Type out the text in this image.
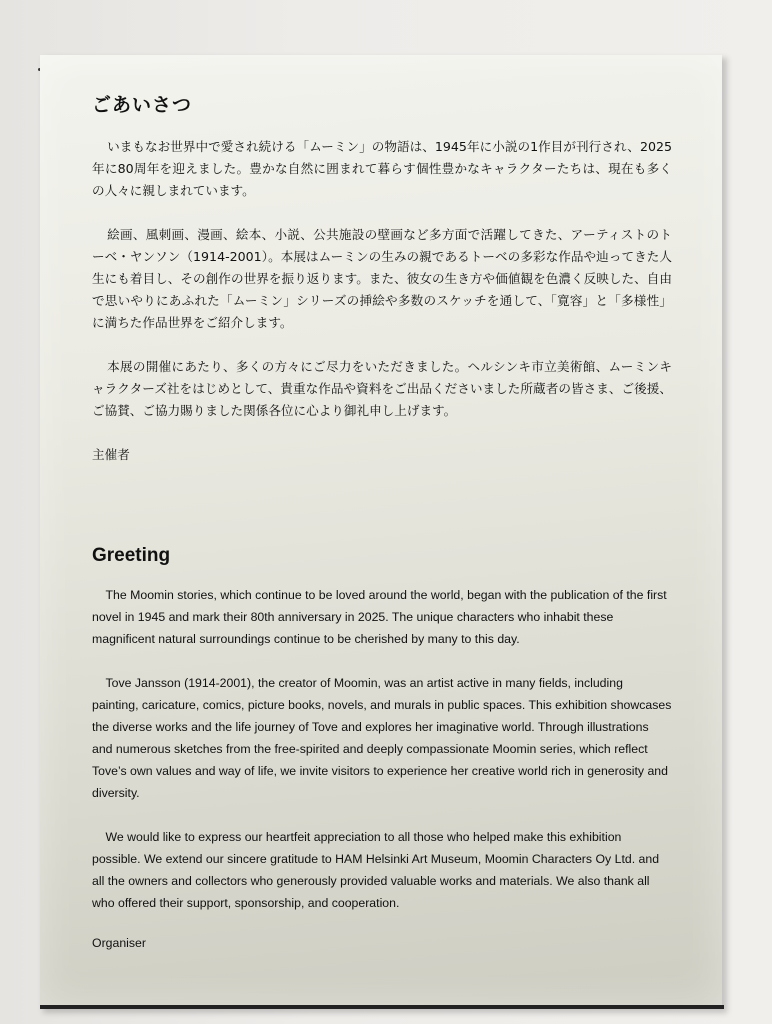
ごあいさつ

いまもなお世界中で愛され続ける「ムーミン」の物語は、1945年に小説の1作目が刊行され、2025年に80周年を迎えました。豊かな自然に囲まれて暮らす個性豊かなキャラクターたちは、現在も多くの人々に親しまれています。

絵画、風刺画、漫画、絵本、小説、公共施設の壁画など多方面で活躍してきた、アーティストのトーベ・ヤンソン（1914-2001）。本展はムーミンの生みの親であるトーベの多彩な作品や辿ってきた人生にも着目し、その創作の世界を振り返ります。また、彼女の生き方や価値観を色濃く反映した、自由で思いやりにあふれた「ムーミン」シリーズの挿絵や多数のスケッチを通して、「寛容」と「多様性」に満ちた作品世界をご紹介します。

本展の開催にあたり、多くの方々にご尽力をいただきました。ヘルシンキ市立美術館、ムーミンキャラクターズ社をはじめとして、貴重な作品や資料をご出品くださいました所蔵者の皆さま、ご後援、ご協賛、ご協力賜りました関係各位に心より御礼申し上げます。

主催者

Greeting

The Moomin stories, which continue to be loved around the world, began with the publication of the first novel in 1945 and mark their 80th anniversary in 2025. The unique characters who inhabit these magnificent natural surroundings continue to be cherished by many to this day.

Tove Jansson (1914-2001), the creator of Moomin, was an artist active in many fields, including painting, caricature, comics, picture books, novels, and murals in public spaces. This exhibition showcases the diverse works and the life journey of Tove and explores her imaginative world. Through illustrations and numerous sketches from the free-spirited and deeply compassionate Moomin series, which reflect Tove’s own values and way of life, we invite visitors to experience her creative world rich in generosity and diversity.

We would like to express our heartfeit appreciation to all those who helped make this exhibition possible. We extend our sincere gratitude to HAM Helsinki Art Museum, Moomin Characters Oy Ltd. and all the owners and collectors who generously provided valuable works and materials. We also thank all who offered their support, sponsorship, and cooperation.

Organiser
